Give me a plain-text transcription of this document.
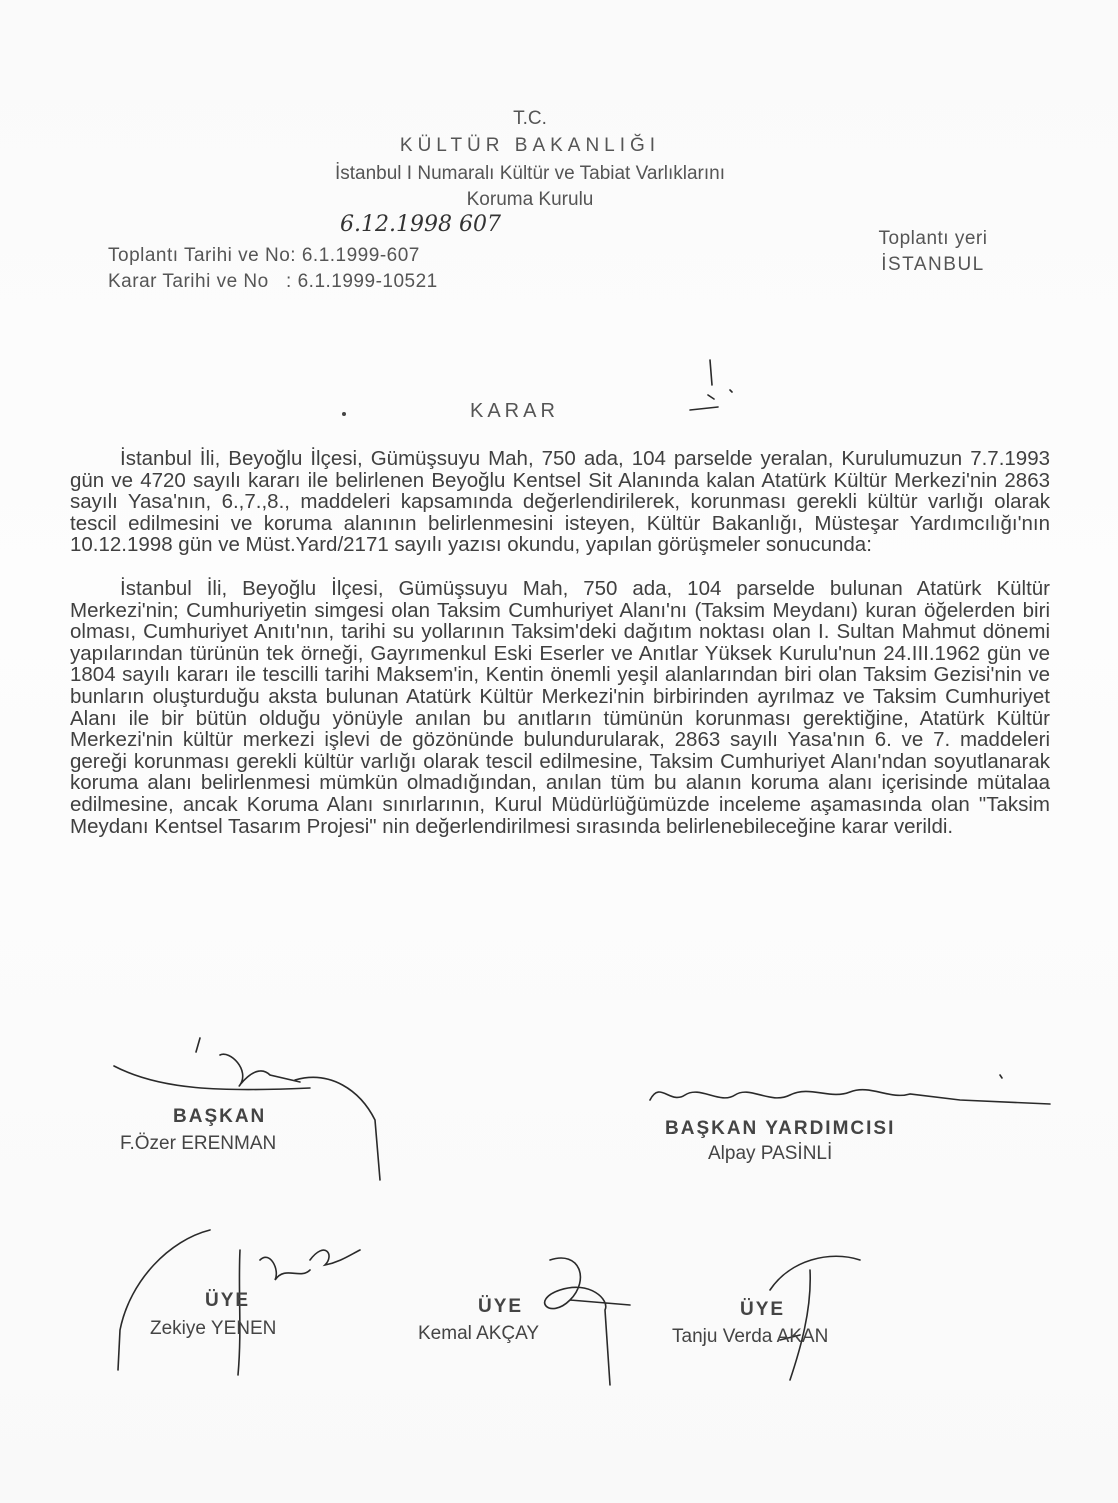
T.C.
KÜLTÜR BAKANLIĞI
İstanbul I Numaralı Kültür ve Tabiat Varlıklarını
Koruma Kurulu
6.12.1998 607
Toplantı Tarihi ve No: 6.1.1999-607
Karar Tarihi ve No   : 6.1.1999-10521
Toplantı yeri
İSTANBUL
KARAR

İstanbul İli, Beyoğlu İlçesi, Gümüşsuyu Mah, 750 ada, 104 parselde yeralan, Kurulumuzun 7.7.1993 gün ve 4720 sayılı kararı ile belirlenen Beyoğlu Kentsel Sit Alanında kalan Atatürk Kültür Merkezi'nin 2863 sayılı Yasa'nın, 6.,7.,8., maddeleri kapsamında değerlendirilerek, korunması gerekli kültür varlığı olarak tescil edilmesini ve koruma alanının belirlenmesini isteyen, Kültür Bakanlığı, Müsteşar Yardımcılığı'nın 10.12.1998 gün ve Müst.Yard/2171 sayılı yazısı okundu, yapılan görüşmeler sonucunda:

İstanbul İli, Beyoğlu İlçesi, Gümüşsuyu Mah, 750 ada, 104 parselde bulunan Atatürk Kültür Merkezi'nin; Cumhuriyetin simgesi olan Taksim Cumhuriyet Alanı'nı (Taksim Meydanı) kuran öğelerden biri olması, Cumhuriyet Anıtı'nın, tarihi su yollarının Taksim'deki dağıtım noktası olan I. Sultan Mahmut dönemi yapılarından türünün tek örneği, Gayrımenkul Eski Eserler ve Anıtlar Yüksek Kurulu'nun 24.III.1962 gün ve 1804 sayılı kararı ile tescilli tarihi Maksem'in, Kentin önemli yeşil alanlarından biri olan Taksim Gezisi'nin ve bunların oluşturduğu aksta bulunan Atatürk Kültür Merkezi'nin birbirinden ayrılmaz ve Taksim Cumhuriyet Alanı ile bir bütün olduğu yönüyle anılan bu anıtların tümünün korunması gerektiğine, Atatürk Kültür Merkezi'nin kültür merkezi işlevi de gözönünde bulundurularak, 2863 sayılı Yasa'nın 6. ve 7. maddeleri gereği korunması gerekli kültür varlığı olarak tescil edilmesine, Taksim Cumhuriyet Alanı'ndan soyutlanarak koruma alanı belirlenmesi mümkün olmadığından, anılan tüm bu alanın koruma alanı içerisinde mütalaa edilmesine, ancak Koruma Alanı sınırlarının, Kurul Müdürlüğümüzde inceleme aşamasında olan "Taksim Meydanı Kentsel Tasarım Projesi" nin değerlendirilmesi sırasında belirlenebileceğine karar verildi.

BAŞKAN
F.Özer ERENMAN
BAŞKAN YARDIMCISI
Alpay PASİNLİ
ÜYE
Zekiye YENEN
ÜYE
Kemal AKÇAY
ÜYE
Tanju Verda AKAN
